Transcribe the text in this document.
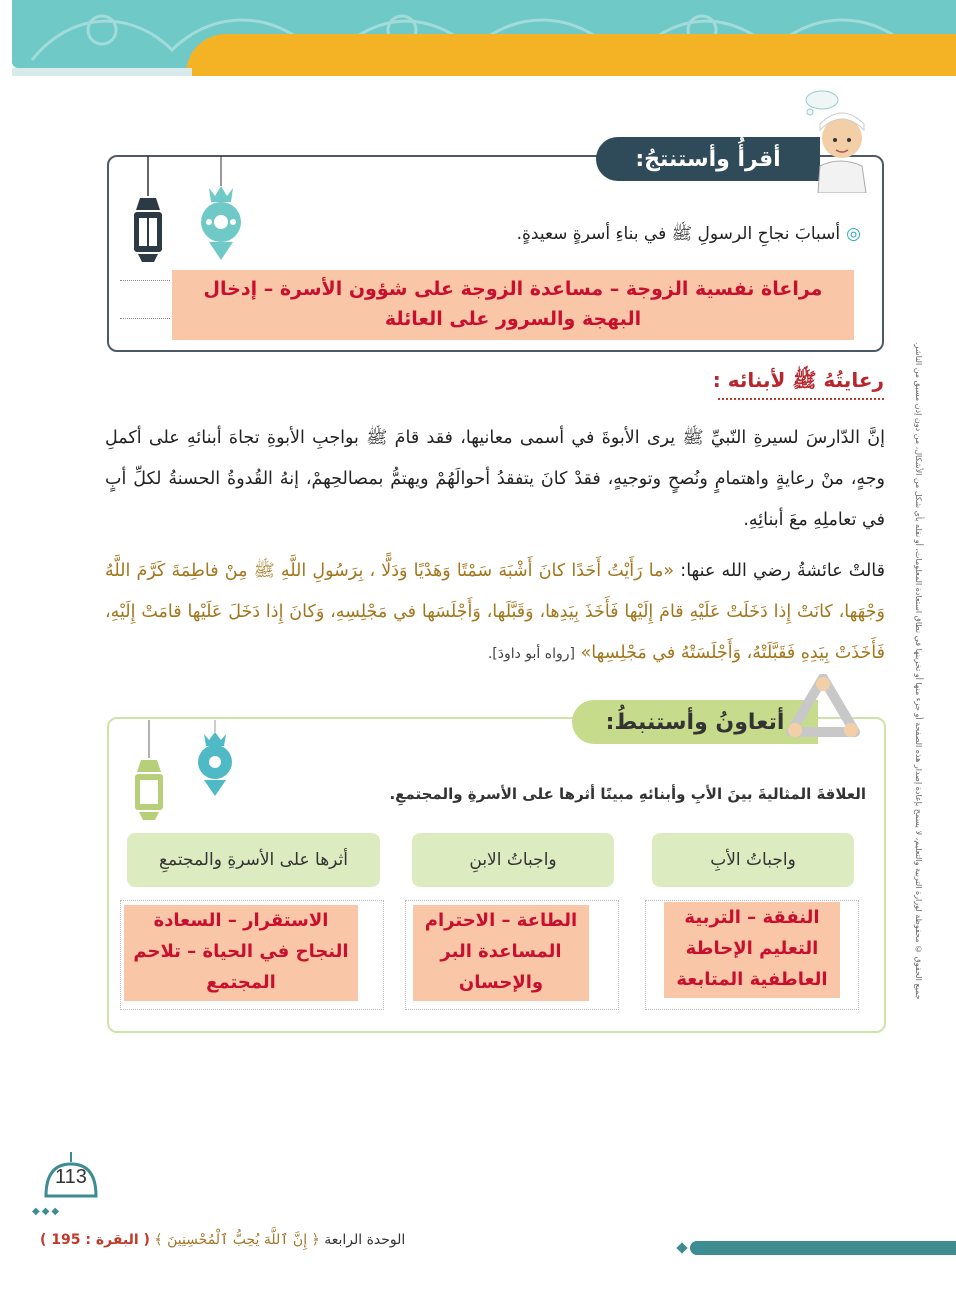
أقرأُ وأستنتجُ:
◎أسبابَ نجاحِ الرسولِ ﷺ في بناءِ أسرةٍ سعيدةٍ.
مراعاة نفسية الزوجة – مساعدة الزوجة على شؤون الأسرة – إدخال البهجة والسرور على العائلة
رعايتُهُ ﷺ لأبنائه :
إنَّ الدّارسَ لسيرةِ النّبيِّ ﷺ يرى الأبوةَ في أسمى معانيها، فقد قامَ ﷺ بواجبِ الأبوةِ تجاهَ أبنائهِ على أكملِ وجهٍ، منْ رعايةٍ واهتمامٍ ونُصحٍ وتوجيهٍ، فقدْ كانَ يتفقدُ أحوالَهُمْ ويهتمُّ بمصالحِهمْ، إنهُ القُدوةُ الحسنةُ لكلِّ أبٍ في تعاملِهِ معَ أبنائِهِ.
قالتْ عائشةُ رضي الله عنها: «ما رَأَيْتُ أَحَدًا كانَ أَشْبَهَ سَمْتًا وَهَدْيًا وَدَلًّا ، بِرَسُولِ اللَّهِ ﷺ مِنْ فاطِمَةَ كَرَّمَ اللَّهُ وَجْهَها، كانَتْ إِذا دَخَلَتْ عَلَيْهِ قامَ إِلَيْها فَأَخَذَ بِيَدِها، وَقَبَّلَها، وَأَجْلَسَها في مَجْلِسِهِ، وَكانَ إِذا دَخَلَ عَلَيْها قامَتْ إِلَيْهِ، فَأَخَذَتْ بِيَدِهِ فَقَبَّلَتْهُ، وَأَجْلَسَتْهُ في مَجْلِسِها» [رواه أبو داودَ].
أتعاونُ وأستنبطُ:
العلاقةَ المثاليةَ بينَ الأبِ وأبنائهِ مبينًا أثرها على الأسرةِ والمجتمعِ.
واجباتُ الأبِ
النفقة – التربية التعليم الإحاطة العاطفية المتابعة
واجباتُ الابنِ
الطاعة – الاحترام المساعدة البر والإحسان
أثرها على الأسرةِ والمجتمعِ
الاستقرار – السعادة النجاح في الحياة – تلاحم المجتمع	جميع الحقوق © محفوظة لوزارة التربية والتعليم، لا يسمح بإعادة إصدار هذه الصفحة أو جزء منها أو تخزينها في نطاق استعادة المعلومات، أو نقله بأي شكل من الأشكال، من دون إذن مسبق من الناشر.
113
◆◆◆
الوحدة الرابعة ﴿ إِنَّ ٱللَّهَ يُحِبُّ ٱلْمُحْسِنِينَ ﴾ ( البقرة : 195 )
